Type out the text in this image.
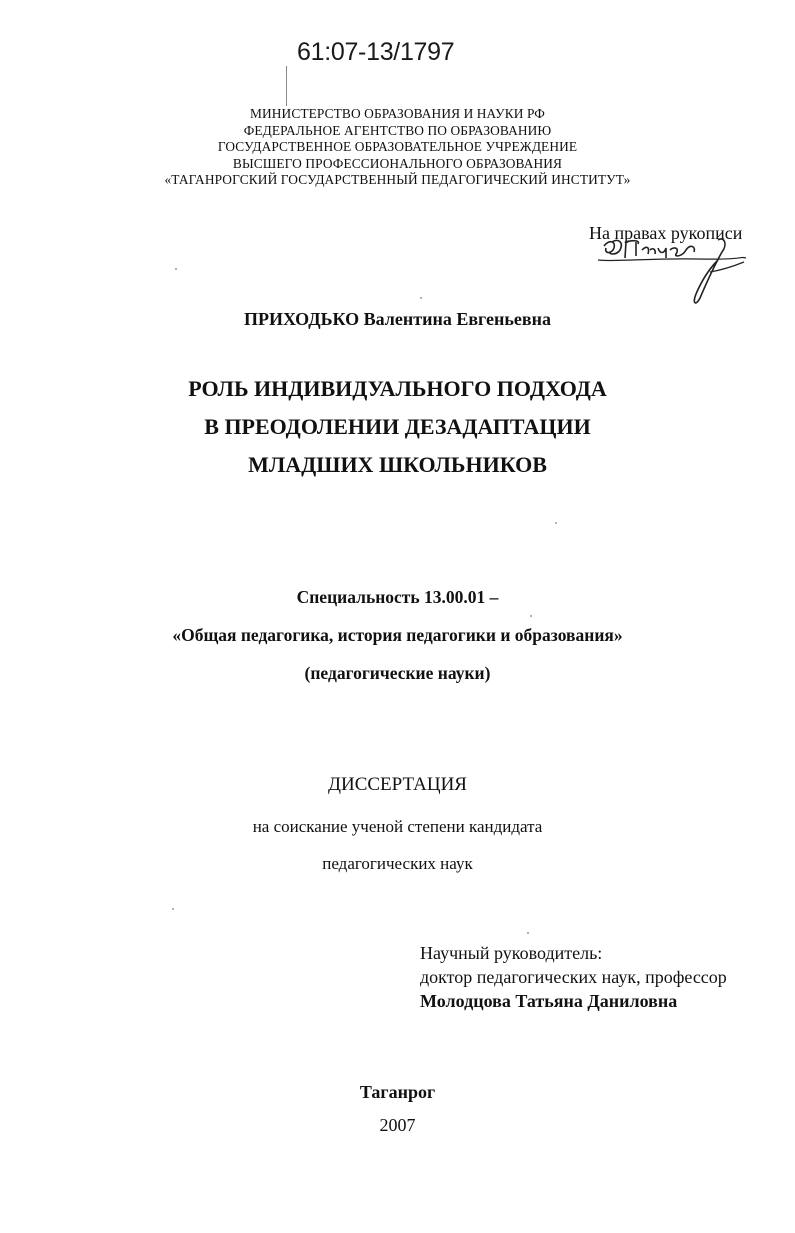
61:07-13/1797
МИНИСТЕРСТВО ОБРАЗОВАНИЯ И НАУКИ РФ
ФЕДЕРАЛЬНОЕ АГЕНТСТВО ПО ОБРАЗОВАНИЮ
ГОСУДАРСТВЕННОЕ ОБРАЗОВАТЕЛЬНОЕ УЧРЕЖДЕНИЕ
ВЫСШЕГО ПРОФЕССИОНАЛЬНОГО ОБРАЗОВАНИЯ
«ТАГАНРОГСКИЙ ГОСУДАРСТВЕННЫЙ ПЕДАГОГИЧЕСКИЙ ИНСТИТУТ»
На правах рукописи
ВПриж
ПРИХОДЬКО Валентина Евгеньевна
РОЛЬ ИНДИВИДУАЛЬНОГО ПОДХОДА
В ПРЕОДОЛЕНИИ ДЕЗАДАПТАЦИИ
МЛАДШИХ ШКОЛЬНИКОВ
Специальность 13.00.01 –
«Общая педагогика, история педагогики и образования»
(педагогические науки)
ДИССЕРТАЦИЯ
на соискание ученой степени кандидата
педагогических наук
Научный руководитель:
доктор педагогических наук, профессор
Молодцова Татьяна Даниловна
Таганрог
2007
